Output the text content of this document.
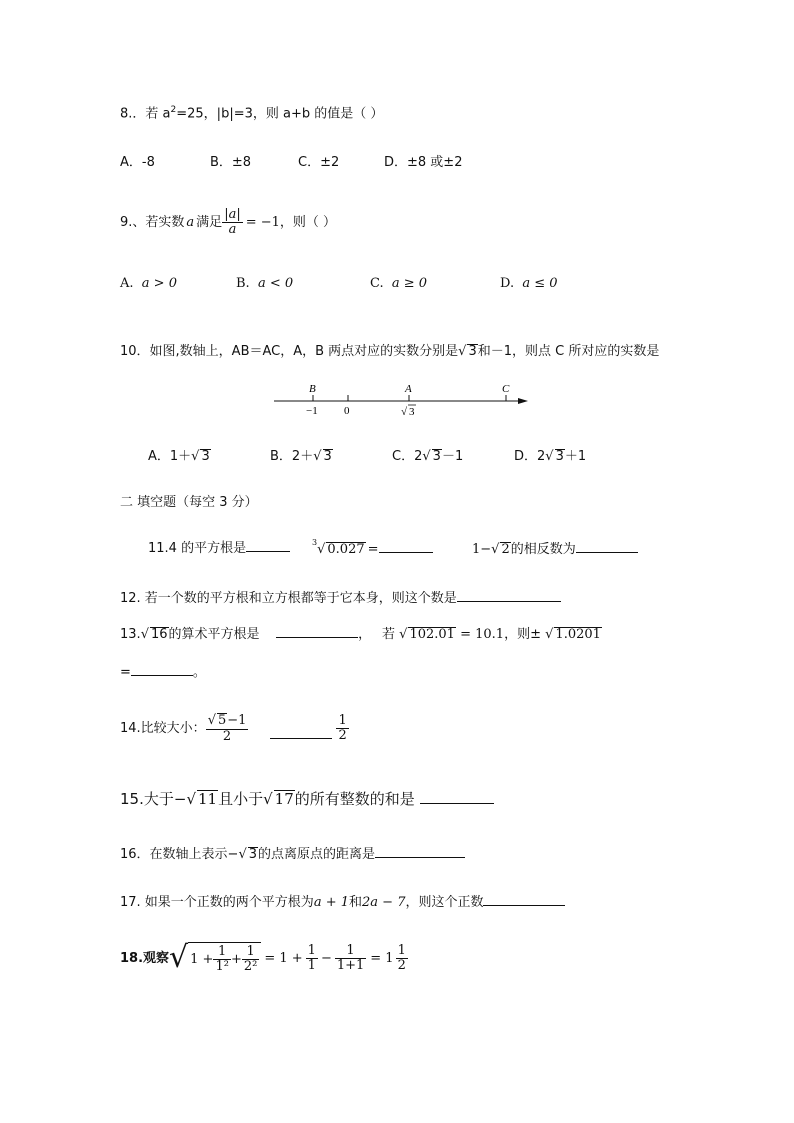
8.．若 $a^2=25$，|b|=3，则 a+b 的值是（ ）
A．-8	B．±8	C．±2	D．±8 或±2
9.、若实数 a 满足 $\frac{|a|}{a} = -1$ ，则（ ）
A. a > 0	B. a < 0	C. a ≥ 0	D. a ≤ 0
10．如图,数轴上，AB＝AC，A，B 两点对应的实数分别是√ 3和－1，则点 C 所对应的实数是
B	A	C
−1 0	√ 3
A．1＋√ 3	B．2＋√ 3	C．2√ 3－1	D．2√ 3＋1
二 填空题（每空 3 分）
11.4 的平方根是	$^3$√ 0.027 =	1−√ 2的相反数为
12. 若一个数的平方根和立方根都等于它本身，则这个数是
13.√ 16的算术平方根是	， 若 √ 102.01 = 10.1，则± √ 1.0201
=	。
14.比较大小： $\frac{√ 5-1}{2}$	$\frac{1}{2}$
15.大于−√ 11且小于√ 17的所有整数的和是
16．在数轴上表示−√ 3的点离原点的距离是
17. 如果一个正数的两个平方根为a + 1和2a − 7，则这个正数
18.观察 √ $1 + \frac{1}{\text{1²}} + \frac{1}{\text{2²}} = 1 + \frac{1}{1} - \frac{1}{1+1} = 1 \frac{1}{2}$
